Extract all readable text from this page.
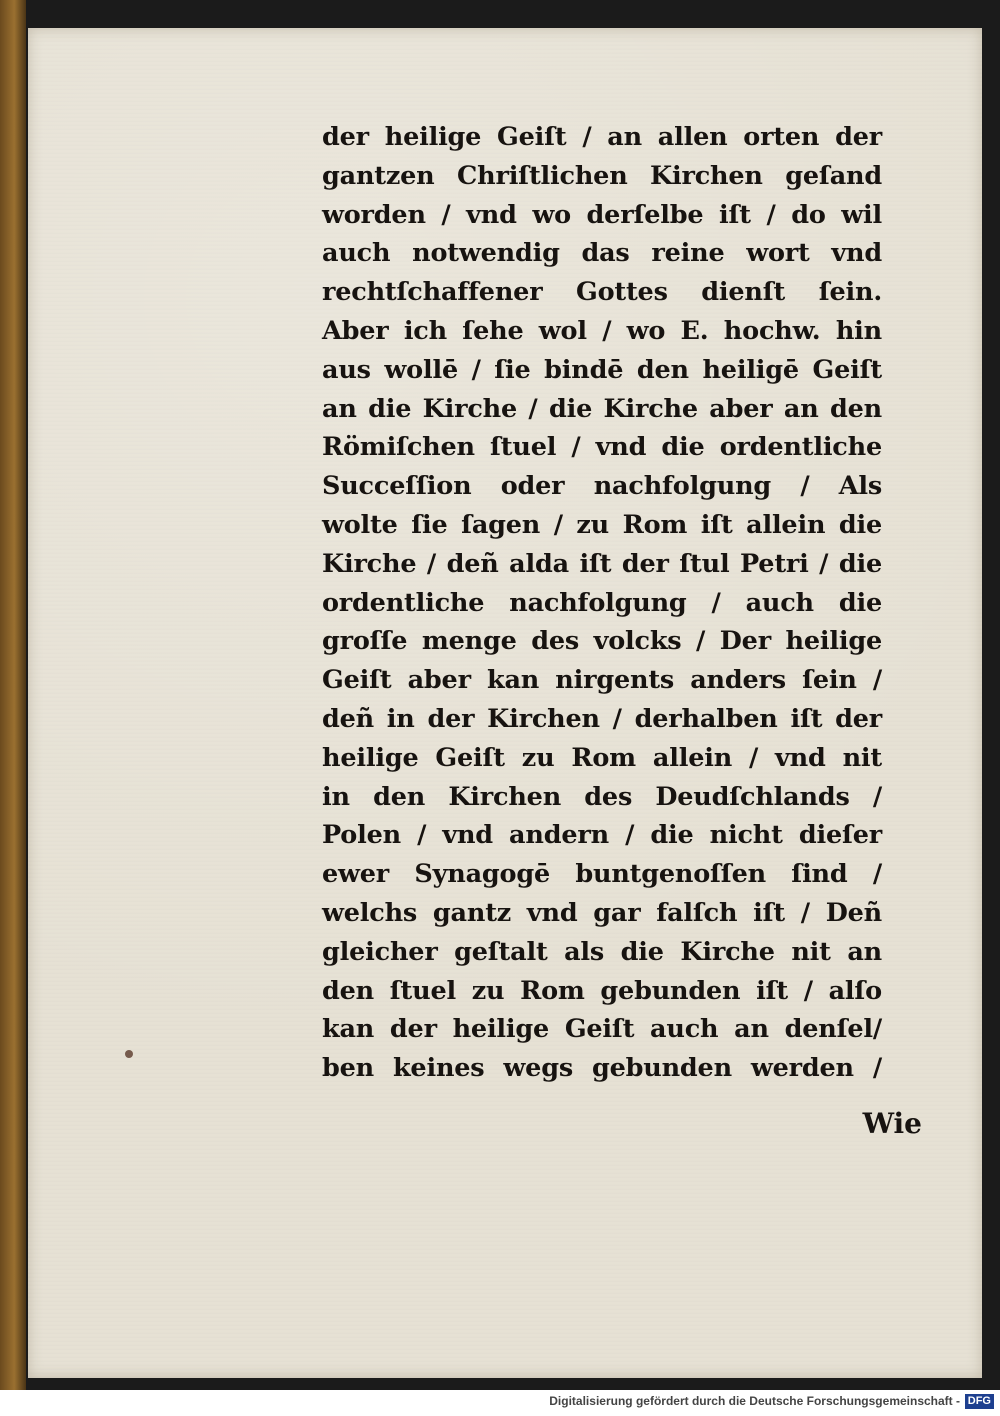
der heilige Geiſt / an allen orten der
gantzen Chriſtlichen Kirchen geſand
worden / vnd wo derſelbe iſt / do wil
auch notwendig das reine wort vnd
rechtſchaffener Gottes dienſt ſein.
Aber ich ſehe wol / wo E. hochw. hin
aus wollē / ſie bindē den heiligē Geiſt
an die Kirche / die Kirche aber an den
Römiſchen ſtuel / vnd die ordentliche
Succeſſion oder nachfolgung / Als
wolte ſie ſagen / zu Rom iſt allein die
Kirche / deñ alda iſt der ſtul Petri / die
ordentliche nachfolgung / auch die
groſſe menge des volcks / Der heilige
Geiſt aber kan nirgents anders ſein /
deñ in der Kirchen / derhalben iſt der
heilige Geiſt zu Rom allein / vnd nit
in den Kirchen des Deudſchlands /
Polen / vnd andern / die nicht dieſer
ewer Synagogē buntgenoſſen ſind /
welchs gantz vnd gar falſch iſt / Deñ
gleicher geſtalt als die Kirche nit an
den ſtuel zu Rom gebunden iſt / alſo
kan der heilige Geiſt auch an denſel/
ben keines wegs gebunden werden /
Wie
Digitalisierung gefördert durch die Deutsche Forschungsgemeinschaft - DFG
